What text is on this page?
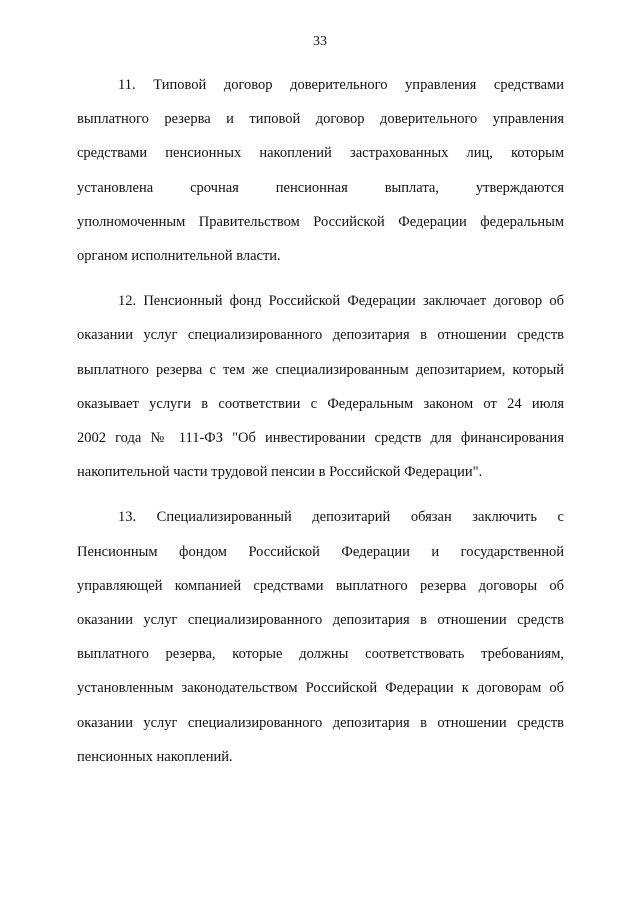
33

11. Типовой договор доверительного управления средствами
выплатного резерва и типовой договор доверительного управления
средствами пенсионных накоплений застрахованных лиц, которым
установлена срочная пенсионная выплата, утверждаются
уполномоченным Правительством Российской Федерации федеральным
органом исполнительной власти.

12. Пенсионный фонд Российской Федерации заключает договор об
оказании услуг специализированного депозитария в отношении средств
выплатного резерва с тем же специализированным депозитарием, который
оказывает услуги в соответствии с Федеральным законом от 24 июля
2002 года № 111-ФЗ "Об инвестировании средств для финансирования
накопительной части трудовой пенсии в Российской Федерации".

13. Специализированный депозитарий обязан заключить с
Пенсионным фондом Российской Федерации и государственной
управляющей компанией средствами выплатного резерва договоры об
оказании услуг специализированного депозитария в отношении средств
выплатного резерва, которые должны соответствовать требованиям,
установленным законодательством Российской Федерации к договорам об
оказании услуг специализированного депозитария в отношении средств
пенсионных накоплений.
